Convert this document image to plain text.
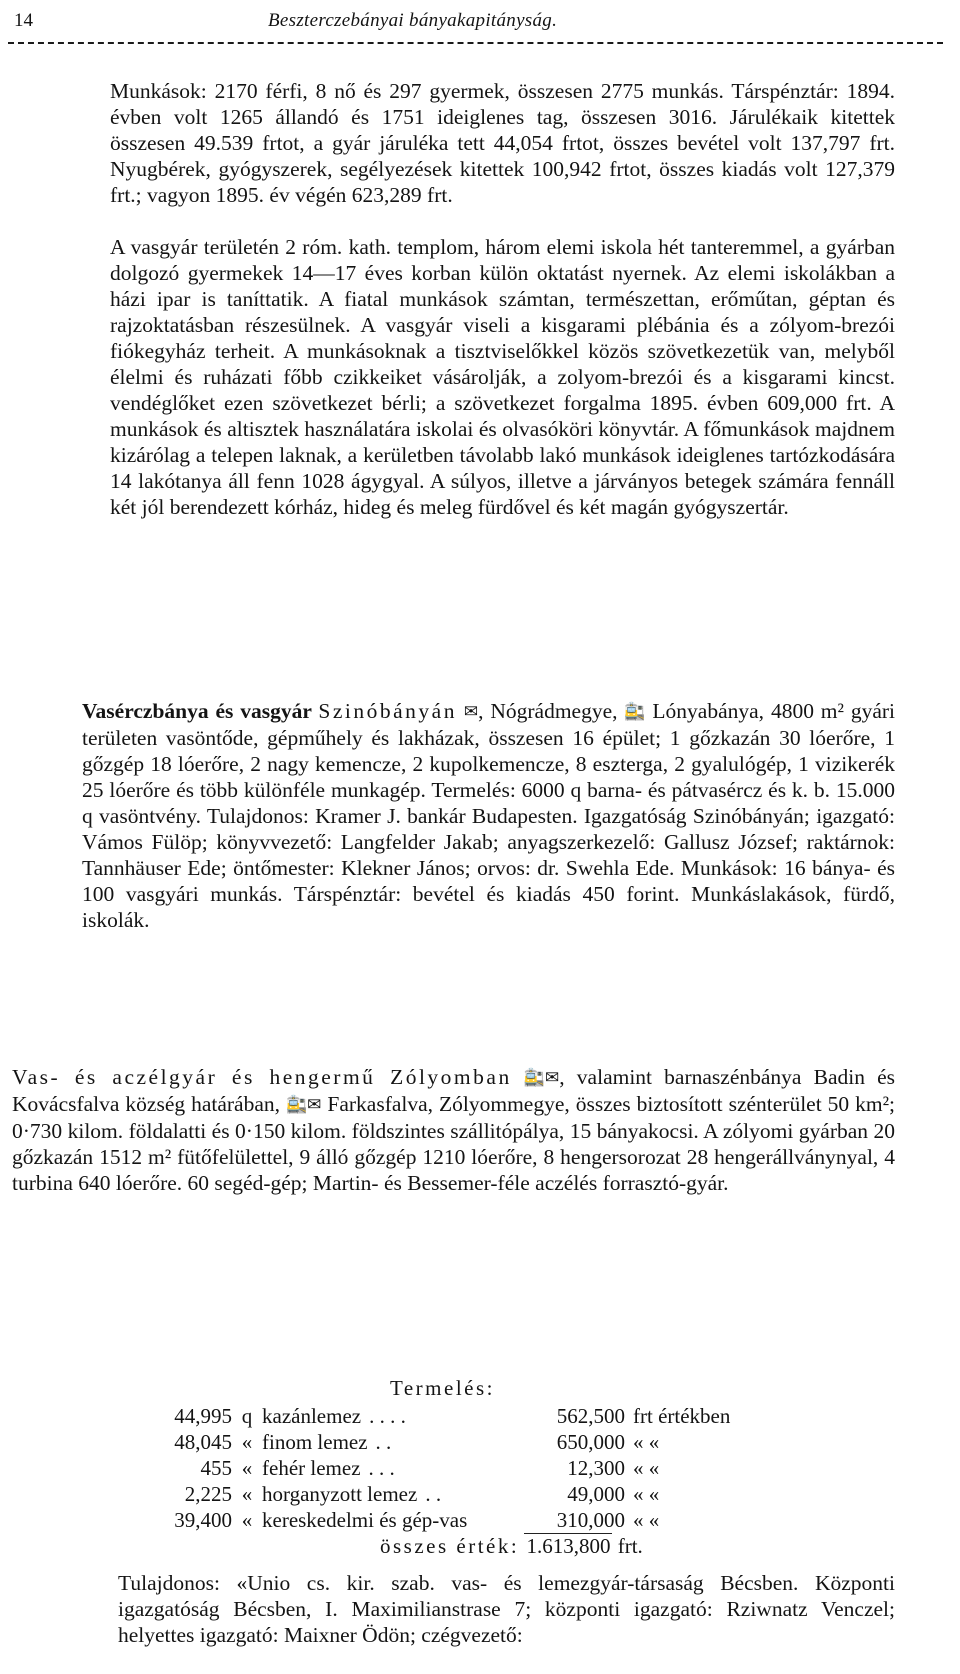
14	Beszterczebányai bányakapitányság.

Munkások: 2170 férfi, 8 nő és 297 gyermek, összesen 2775 munkás. Társpénztár: 1894. évben volt 1265 állandó és 1751 ideiglenes tag, összesen 3016. Járulékaik kitettek összesen 49.539 frtot, a gyár járuléka tett 44,054 frtot, összes bevétel volt 137,797 frt. Nyugbérek, gyógyszerek, segélyezések kitettek 100,942 frtot, összes kiadás volt 127,379 frt.; vagyon 1895. év végén 623,289 frt.

A vasgyár területén 2 róm. kath. templom, három elemi iskola hét tanteremmel, a gyárban dolgozó gyermekek 14—17 éves korban külön oktatást nyernek. Az elemi iskolákban a házi ipar is taníttatik. A fiatal munkások számtan, természettan, erőműtan, géptan és rajzoktatásban részesülnek. A vasgyár viseli a kisgarami plébánia és a zólyom-brezói fiókegyház terheit. A munkásoknak a tisztviselőkkel közös szövetkezetük van, melyből élelmi és ruházati főbb czikkeiket vásárolják, a zolyom-brezói és a kisgarami kincst. vendéglőket ezen szövetkezet bérli; a szövetkezet forgalma 1895. évben 609,000 frt. A munkások és altisztek használatára iskolai és olvasóköri könyvtár. A főmunkások majdnem kizárólag a telepen laknak, a kerületben távolabb lakó munkások ideiglenes tartózkodására 14 lakótanya áll fenn 1028 ágygyal. A súlyos, illetve a járványos betegek számára fennáll két jól berendezett kórház, hideg és meleg fürdővel és két magán gyógyszertár.

Vasérczbánya és vasgyár Szinóbányán ✉, Nógrádmegye, 🚉 Lónyabánya, 4800 m² gyári területen vasöntőde, gépműhely és lakházak, összesen 16 épület; 1 gőzkazán 30 lóerőre, 1 gőzgép 18 lóerőre, 2 nagy kemencze, 2 kupolkemencze, 8 eszterga, 2 gyalulógép, 1 vizikerék 25 lóerőre és több különféle munkagép. Termelés: 6000 q barna- és pátvasércz és k. b. 15.000 q vasöntvény. Tulajdonos: Kramer J. bankár Budapesten. Igazgatóság Szinóbányán; igazgató: Vámos Fülöp; könyvvezető: Langfelder Jakab; anyagszerkezelő: Gallusz József; raktárnok: Tannhäuser Ede; öntőmester: Klekner János; orvos: dr. Swehla Ede. Munkások: 16 bánya- és 100 vasgyári munkás. Társpénztár: bevétel és kiadás 450 forint. Munkáslakások, fürdő, iskolák.

Vas- és aczélgyár és hengermű Zólyomban 🚉✉, valamint barnaszénbánya Badin és Kovácsfalva község határában, 🚉✉ Farkasfalva, Zólyommegye, összes biztosított szénterület 50 km²; 0·730 kilom. földalatti és 0·150 kilom. földszintes szállitópálya, 15 bányakocsi. A zólyomi gyárban 20 gőzkazán 1512 m² fütőfelülettel, 9 álló gőzgép 1210 lóerőre, 8 hengersorozat 28 hengerállványnyal, 4 turbina 640 lóerőre. 60 segéd-gép; Martin- és Bessemer-féle aczélés forrasztó-gyár.

Termelés:
44,995	q	kazánlemez . . . .	562,500	frt értékben
48,045	«	finom lemez . .	650,000	« «
455	«	fehér lemez . . .	12,300	« «
2,225	«	horganyzott lemez . .	49,000	« «
39,400	«	kereskedelmi és gép-vas	310,000	« «
összes érték: 1.613,800 frt.

Tulajdonos: «Unio cs. kir. szab. vas- és lemezgyár-társaság Bécsben. Központi igazgatóság Bécsben, I. Maximilianstrase 7; központi igazgató: Rziwnatz Venczel; helyettes igazgató: Maixner Ödön; czégvezető:
